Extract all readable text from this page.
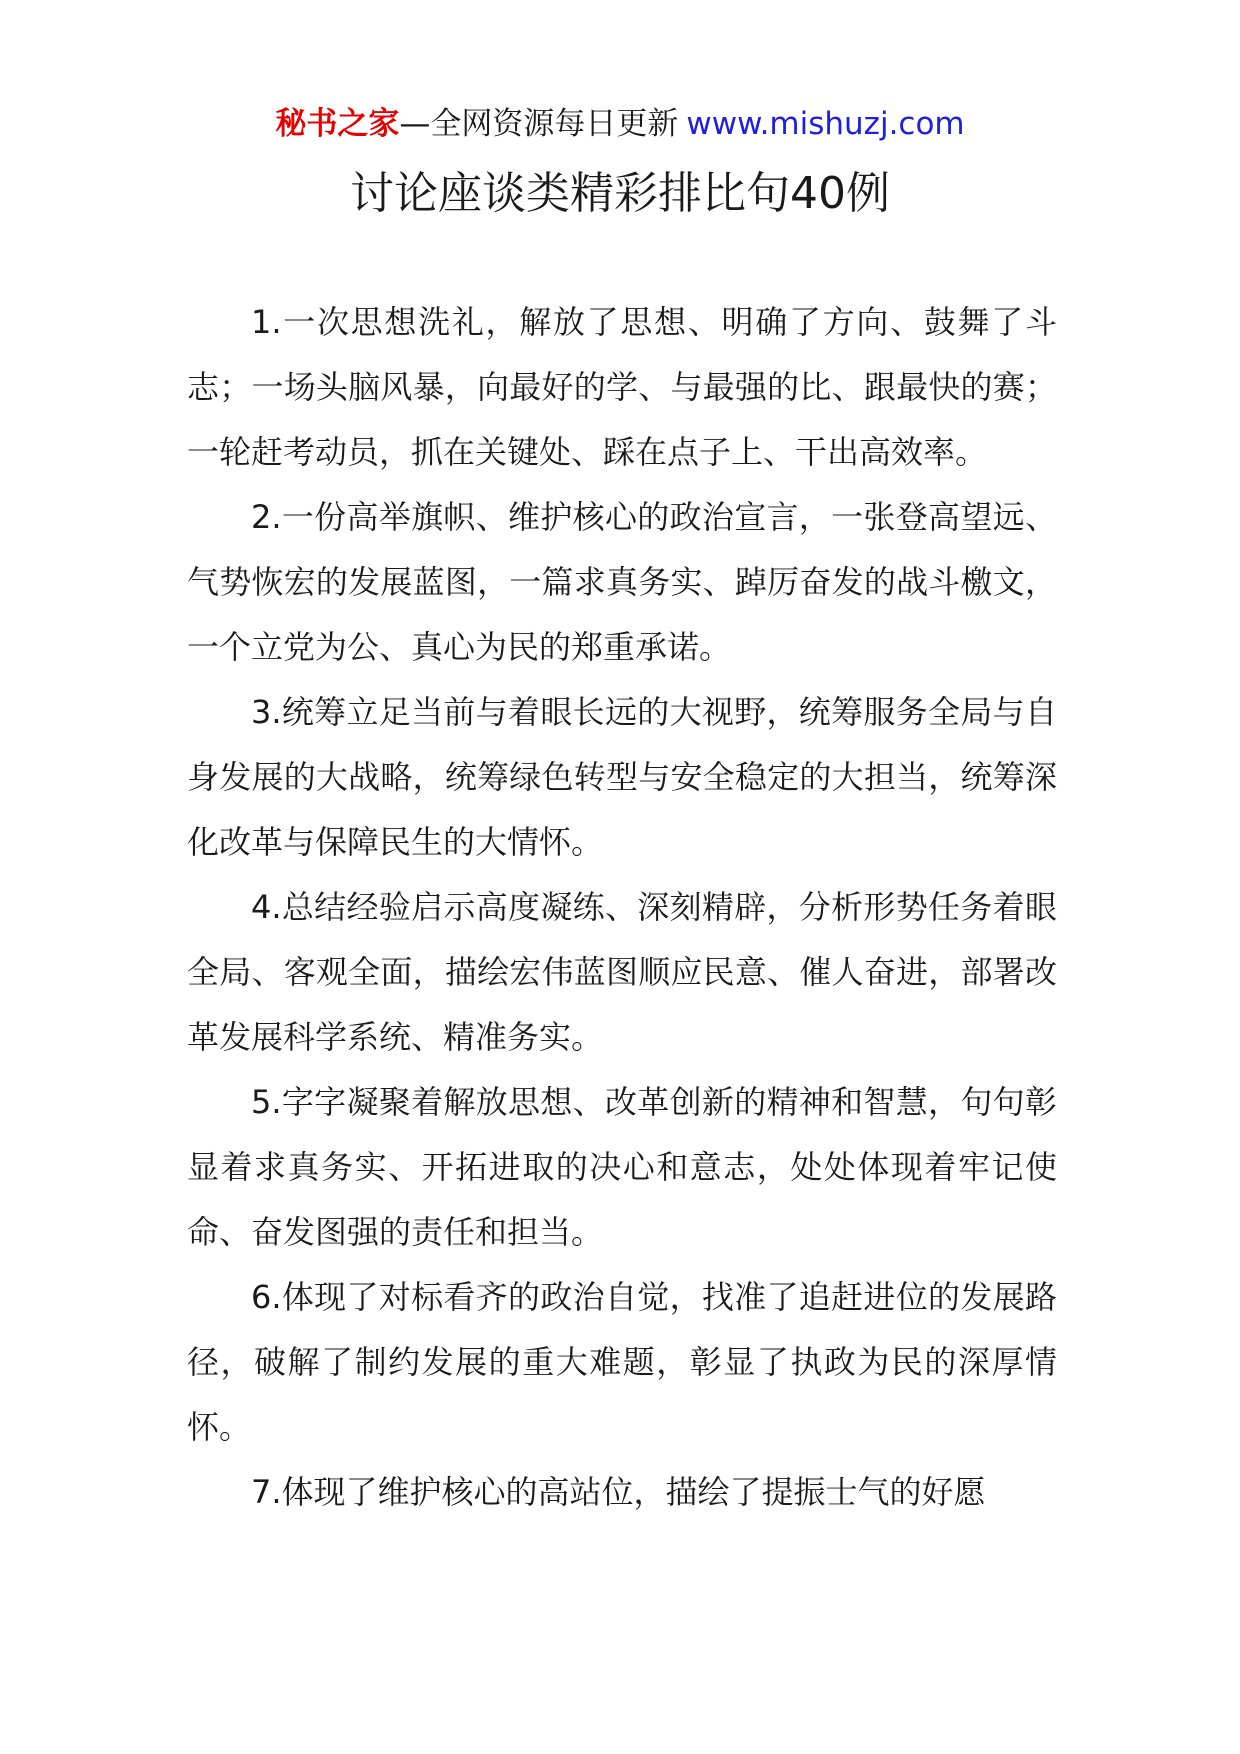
秘书之家—全网资源每日更新 www.mishuzj.com
讨论座谈类精彩排比句40例

1.一次思想洗礼，解放了思想、明确了方向、鼓舞了斗志；一场头脑风暴，向最好的学、与最强的比、跟最快的赛；一轮赶考动员，抓在关键处、踩在点子上、干出高效率。

2.一份高举旗帜、维护核心的政治宣言，一张登高望远、气势恢宏的发展蓝图，一篇求真务实、踔厉奋发的战斗檄文，一个立党为公、真心为民的郑重承诺。

3.统筹立足当前与着眼长远的大视野，统筹服务全局与自身发展的大战略，统筹绿色转型与安全稳定的大担当，统筹深化改革与保障民生的大情怀。

4.总结经验启示高度凝练、深刻精辟，分析形势任务着眼全局、客观全面，描绘宏伟蓝图顺应民意、催人奋进，部署改革发展科学系统、精准务实。

5.字字凝聚着解放思想、改革创新的精神和智慧，句句彰显着求真务实、开拓进取的决心和意志，处处体现着牢记使命、奋发图强的责任和担当。

6.体现了对标看齐的政治自觉，找准了追赶进位的发展路径，破解了制约发展的重大难题，彰显了执政为民的深厚情怀。

7.体现了维护核心的高站位，描绘了提振士气的好愿
